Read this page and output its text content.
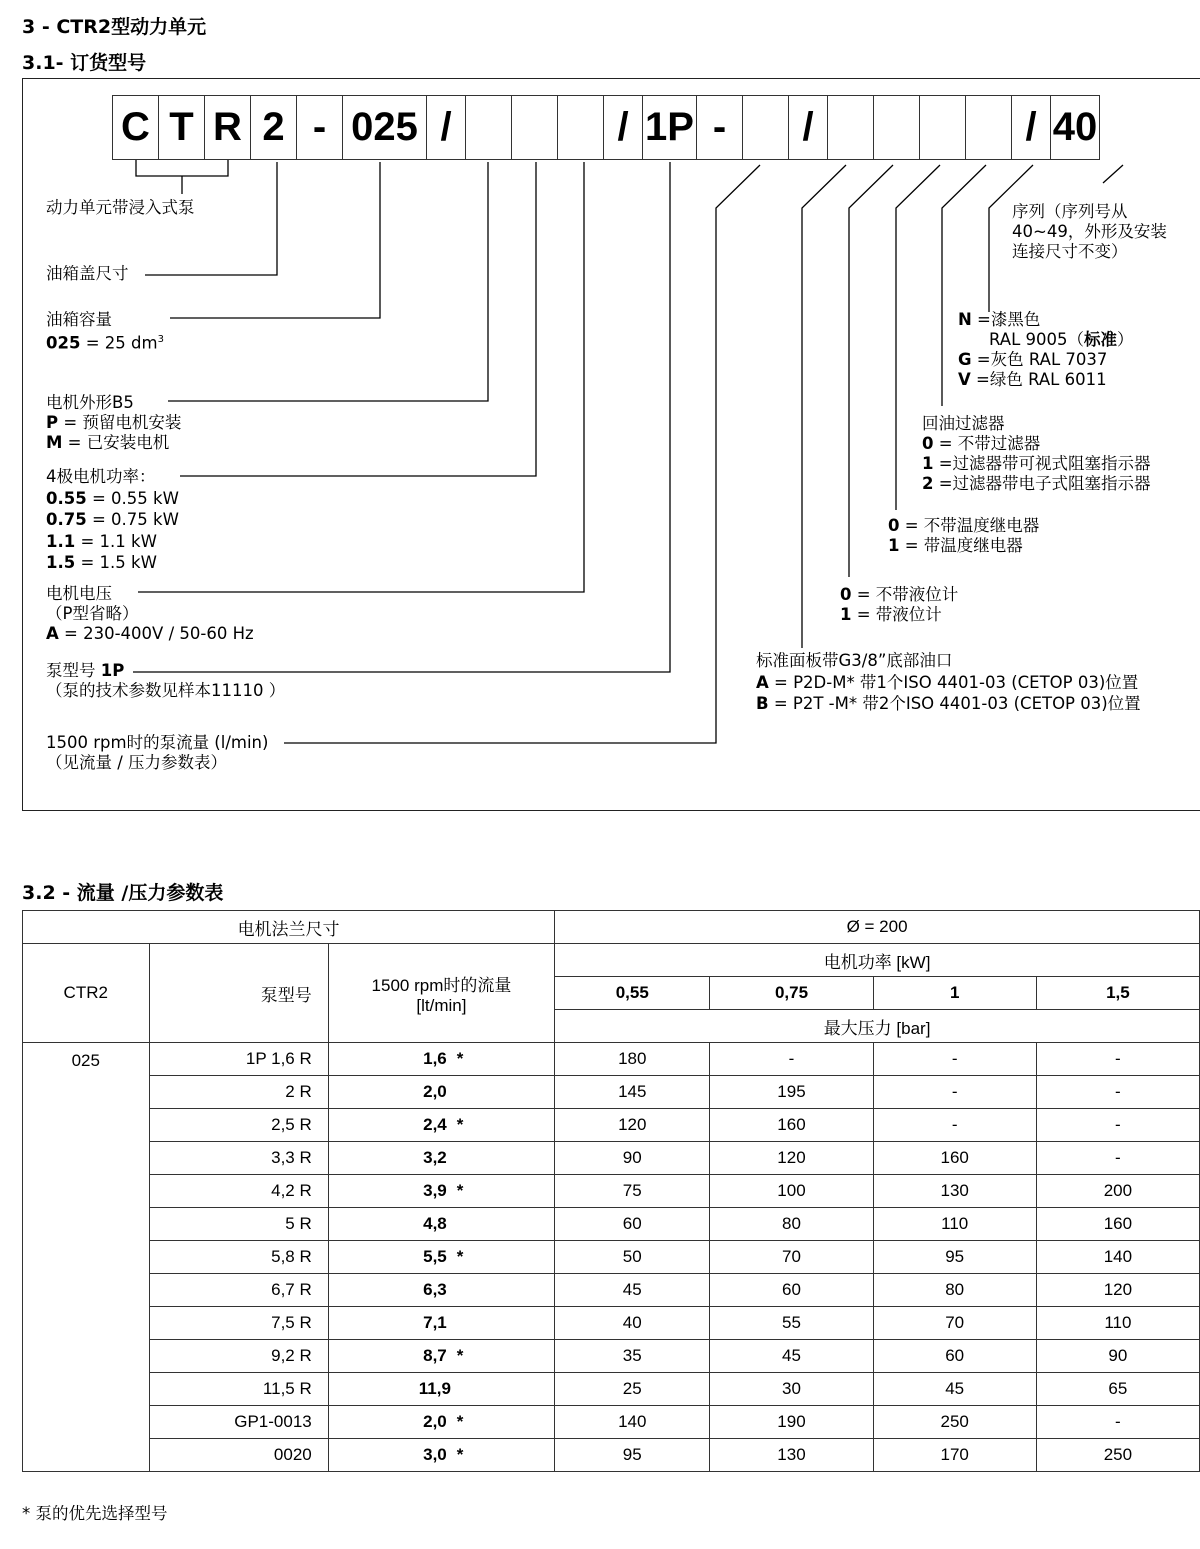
3 - CTR2型动力单元
3.1- 订货型号
C T R 2 - 025 /	/ 1P -	/	/ 40
动力单元带浸入式泵
油箱盖尺寸
油箱容量
025 = 25 $dm^3$
电机外形B5
P = 预留电机安装
M = 已安装电机
4极电机功率：
0.55 = 0.55 kW
0.75 = 0.75 kW
1.1 = 1.1 kW
1.5 = 1.5 kW
电机电压
（P型省略）
A = 230-400V / 50-60 Hz
泵型号 1P
（泵的技术参数见样本11110 ）
1500 rpm时的泵流量 (l/min)
（见流量 / 压力参数表）
序列（序列号从
40~49，外形及安装
连接尺寸不变）
N =漆黑色
RAL 9005（标准）
G =灰色 RAL 7037
V =绿色 RAL 6011
回油过滤器
0 = 不带过滤器
1 =过滤器带可视式阻塞指示器
2 =过滤器带电子式阻塞指示器
0 = 不带温度继电器
1 = 带温度继电器
0 = 不带液位计
1 = 带液位计
标准面板带G3/8”底部油口
A = P2D-M* 带1个ISO 4401-03 (CETOP 03)位置
B = P2T -M* 带2个ISO 4401-03 (CETOP 03)位置
3.2 - 流量 /压力参数表
电机法兰尺寸			Ø = 200			
CTR2	泵型号	1500 rpm时的流量
[lt/min]	电机功率 [kW]			
			0,55	0,75	1	1,5
			最大压力 [bar]			
025	1P 1,6 R	1,6 *	180	-	-	-
	2 R	2,0	145	195	-	-
	2,5 R	2,4 *	120	160	-	-
	3,3 R	3,2	90	120	160	-
	4,2 R	3,9 *	75	100	130	200
	5 R	4,8	60	80	110	160
	5,8 R	5,5 *	50	70	95	140
	6,7 R	6,3	45	60	80	120
	7,5 R	7,1	40	55	70	110
	9,2 R	8,7 *	35	45	60	90
	11,5 R	11,9	25	30	45	65
	GP1-0013	2,0 *	140	190	250	-
	0020	3,0 *	95	130	170	250
* 泵的优先选择型号
